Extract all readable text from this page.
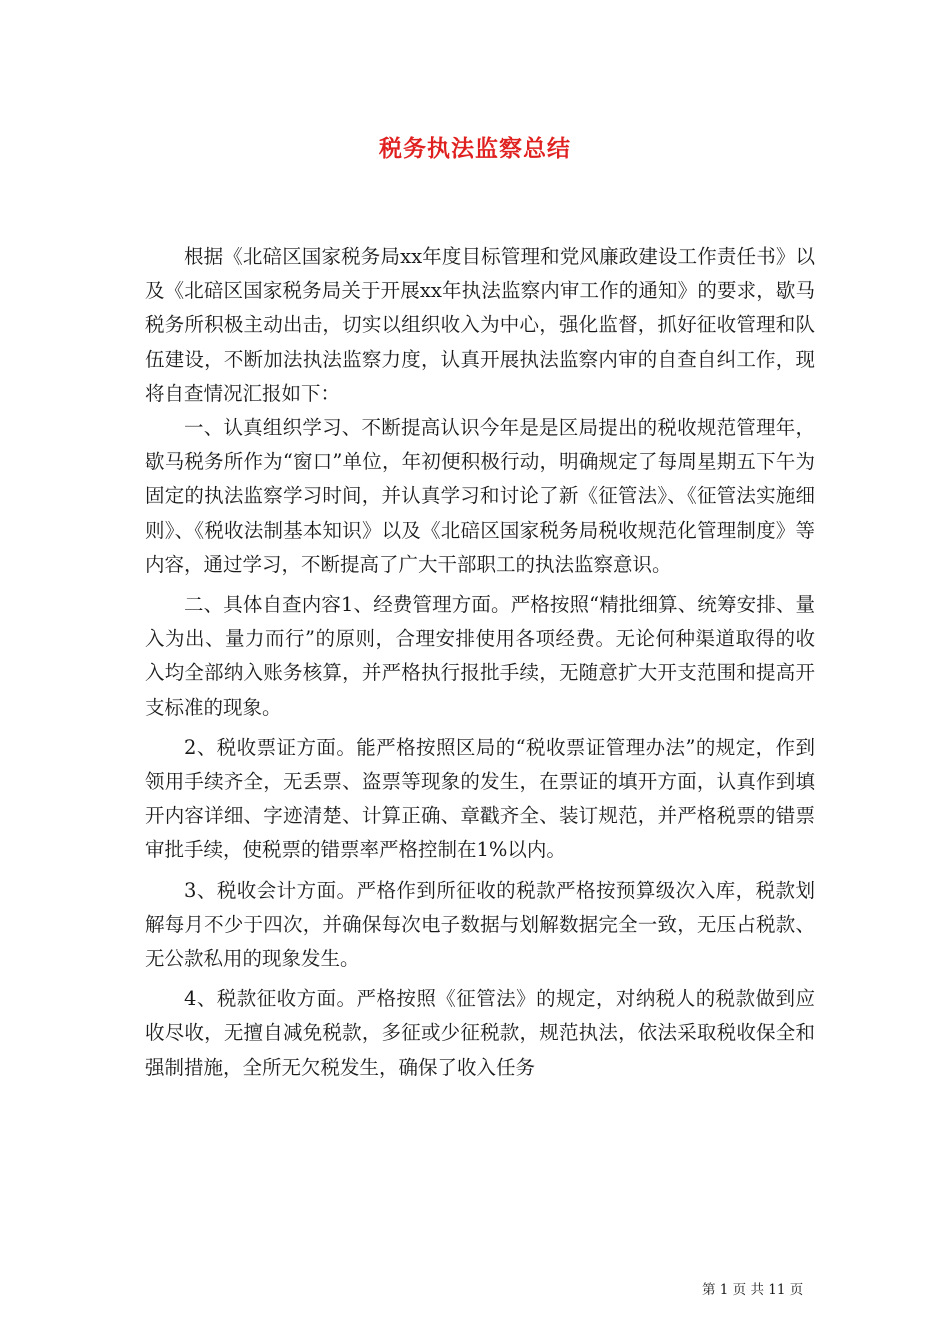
税务执法监察总结

根据《北碚区国家税务局xx年度目标管理和党风廉政建设工作责任书》以及《北碚区国家税务局关于开展xx年执法监察内审工作的通知》的要求，歇马税务所积极主动出击，切实以组织收入为中心，强化监督，抓好征收管理和队伍建设，不断加法执法监察力度，认真开展执法监察内审的自查自纠工作，现将自查情况汇报如下：

一、认真组织学习、不断提高认识今年是是区局提出的税收规范管理年，歇马税务所作为“窗口”单位，年初便积极行动，明确规定了每周星期五下午为固定的执法监察学习时间，并认真学习和讨论了新《征管法》、《征管法实施细则》、《税收法制基本知识》以及《北碚区国家税务局税收规范化管理制度》等内容，通过学习，不断提高了广大干部职工的执法监察意识。

二、具体自查内容1、经费管理方面。严格按照“精批细算、统筹安排、量入为出、量力而行”的原则，合理安排使用各项经费。无论何种渠道取得的收入均全部纳入账务核算，并严格执行报批手续，无随意扩大开支范围和提高开支标准的现象。

2、税收票证方面。能严格按照区局的“税收票证管理办法”的规定，作到领用手续齐全，无丢票、盗票等现象的发生，在票证的填开方面，认真作到填开内容详细、字迹清楚、计算正确、章戳齐全、装订规范，并严格税票的错票审批手续，使税票的错票率严格控制在1%以内。

3、税收会计方面。严格作到所征收的税款严格按预算级次入库，税款划解每月不少于四次，并确保每次电子数据与划解数据完全一致，无压占税款、无公款私用的现象发生。

4、税款征收方面。严格按照《征管法》的规定，对纳税人的税款做到应收尽收，无擅自减免税款，多征或少征税款，规范执法，依法采取税收保全和强制措施，全所无欠税发生，确保了收入任务

第 1 页 共 11 页
